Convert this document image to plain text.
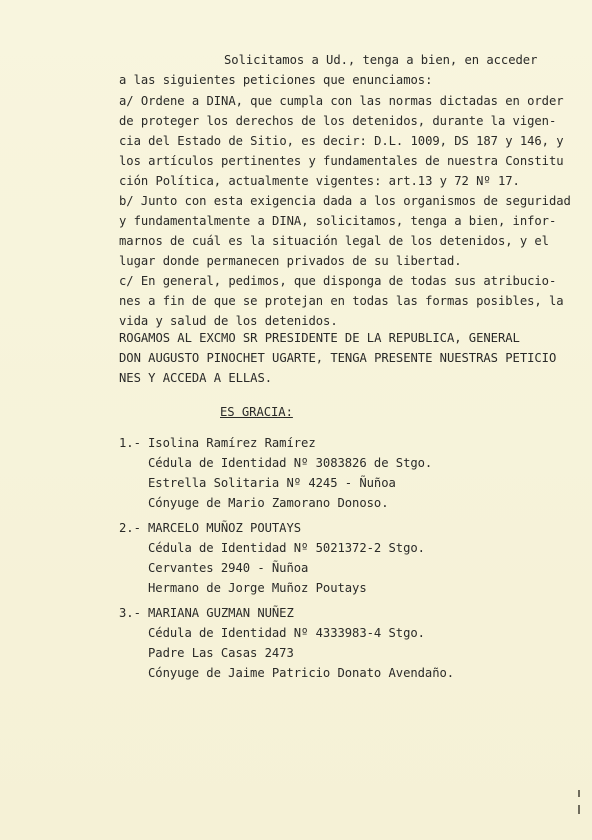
Solicitamos a Ud., tenga a bien, en acceder
a las siguientes peticiones que enunciamos:
a/ Ordene a DINA, que cumpla con las normas dictadas en order
de proteger los derechos de los detenidos, durante la vigen-
cia del Estado de Sitio, es decir: D.L. 1009, DS 187 y 146, y
los artículos pertinentes y fundamentales de nuestra Constitu
ción Política, actualmente vigentes: art.13 y 72 Nº 17.
b/ Junto con esta exigencia dada a los organismos de seguridad
y fundamentalmente a DINA, solicitamos, tenga a bien, infor-
marnos de cuál es la situación legal de los detenidos, y el
lugar donde permanecen privados de su libertad.
c/ En general, pedimos, que disponga de todas sus atribucio-
nes a fin de que se protejan en todas las formas posibles, la
vida y salud de los detenidos.
ROGAMOS AL EXCMO SR PRESIDENTE DE LA REPUBLICA, GENERAL
DON AUGUSTO PINOCHET UGARTE, TENGA PRESENTE NUESTRAS PETICIO
NES Y ACCEDA A ELLAS.
ES GRACIA:
1.- Isolina Ramírez Ramírez
Cédula de Identidad Nº 3083826 de Stgo.
Estrella Solitaria Nº 4245 - Ñuñoa
Cónyuge de Mario Zamorano Donoso.
2.- MARCELO MUÑOZ POUTAYS
Cédula de Identidad Nº 5021372-2 Stgo.
Cervantes 2940 - Ñuñoa
Hermano de Jorge Muñoz Poutays
3.- MARIANA GUZMAN NUÑEZ
Cédula de Identidad Nº 4333983-4 Stgo.
Padre Las Casas 2473
Cónyuge de Jaime Patricio Donato Avendaño.
